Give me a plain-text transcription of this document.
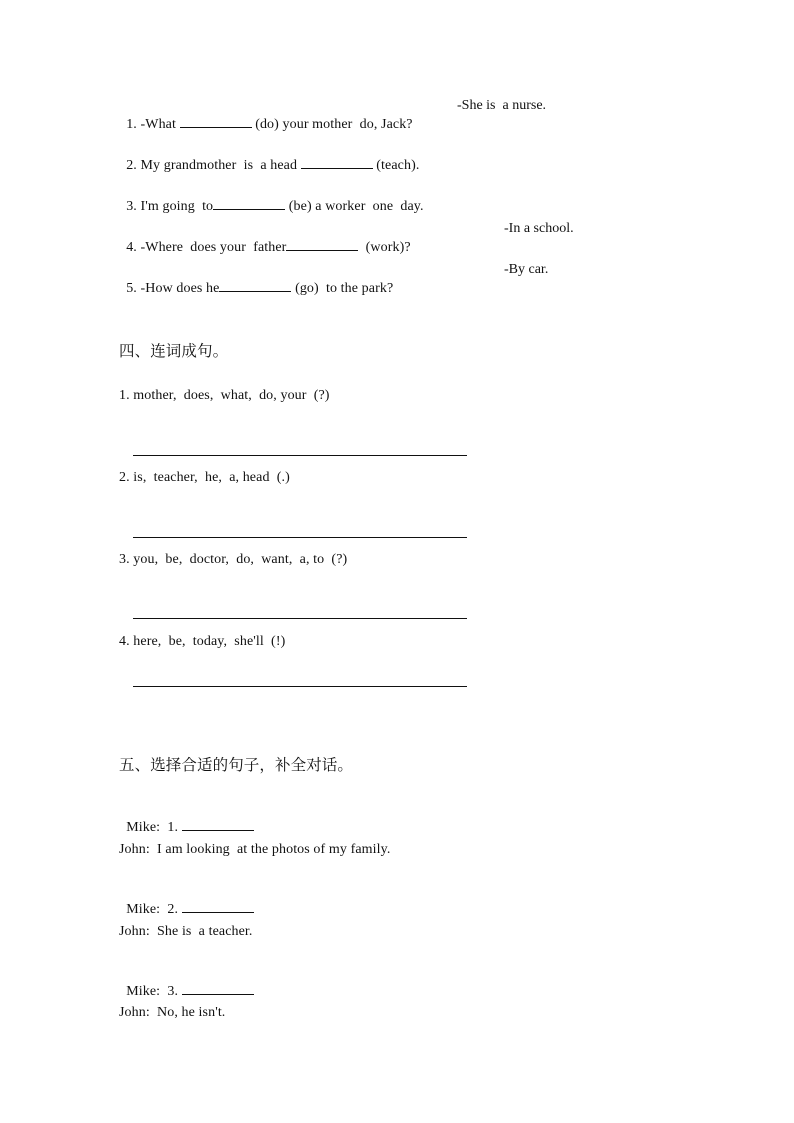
1. -What	(do) your mother  do, Jack?

-She is  a nurse.

2. My grandmother  is  a head	(teach).

3. I'm going  to	(be) a worker  one  day.

4. -Where  does your  father	(work)?

-In a school.

5. -How does he	(go)  to the park?

-By car.
四、连词成句。
1. mother,  does,  what,  do, your  (?)
2. is,  teacher,  he,  a, head  (.)
3. you,  be,  doctor,  do,  want,  a, to  (?)
4. here,  be,  today,  she'll  (!)
五、选择合适的句子，补全对话。

Mike:  1.

John:  I am looking  at the photos of my family.

Mike:  2.

John:  She is  a teacher.

Mike:  3.

John:  No, he isn't.
